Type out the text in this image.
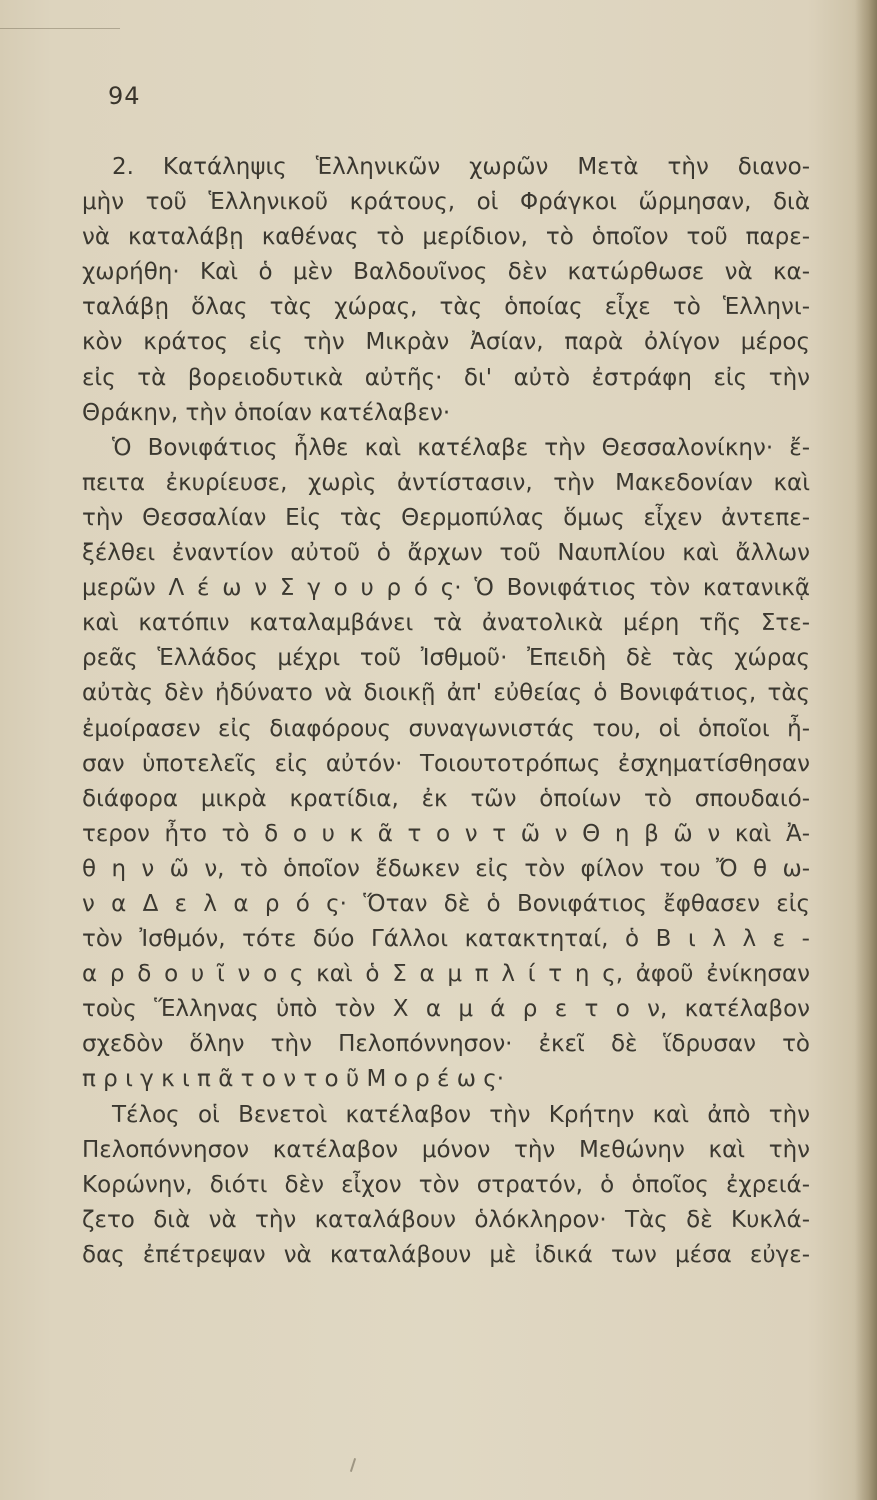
94
2. Κατάληψις Ἑλληνικῶν χωρῶν Μετὰ τὴν διανο-
μὴν τοῦ Ἑλληνικοῦ κράτους, οἱ Φράγκοι ὥρμησαν, διὰ
νὰ καταλάβῃ καθένας τὸ μερίδιον, τὸ ὁποῖον τοῦ παρε-
χωρήθη· Καὶ ὁ μὲν Βαλδουῖνος δὲν κατώρθωσε νὰ κα-
ταλάβῃ ὅλας τὰς χώρας, τὰς ὁποίας εἶχε τὸ Ἑλληνι-
κὸν κράτος εἰς τὴν Μικρὰν Ἀσίαν, παρὰ ὀλίγον μέρος
εἰς τὰ βορειοδυτικὰ αὐτῆς· δι' αὐτὸ ἐστράφη εἰς τὴν
Θράκην, τὴν ὁποίαν κατέλαβεν·
Ὁ Βονιφάτιος ἦλθε καὶ κατέλαβε τὴν Θεσσαλονίκην· ἔ-
πειτα ἐκυρίευσε, χωρὶς ἀντίστασιν, τὴν Μακεδονίαν καὶ
τὴν Θεσσαλίαν Εἰς τὰς Θερμοπύλας ὅμως εἶχεν ἀντεπε-
ξέλθει ἐναντίον αὐτοῦ ὁ ἄρχων τοῦ Ναυπλίου καὶ ἄλλων
μερῶν Λ έ ω ν Σ γ ο υ ρ ό ς· Ὁ Βονιφάτιος τὸν κατανικᾷ
καὶ κατόπιν καταλαμβάνει τὰ ἀνατολικὰ μέρη τῆς Στε-
ρεᾶς Ἑλλάδος μέχρι τοῦ Ἰσθμοῦ· Ἐπειδὴ δὲ τὰς χώρας
αὐτὰς δὲν ἠδύνατο νὰ διοικῇ ἀπ' εὐθείας ὁ Βονιφάτιος, τὰς
ἐμοίρασεν εἰς διαφόρους συναγωνιστάς του, οἱ ὁποῖοι ἦ-
σαν ὑποτελεῖς εἰς αὐτόν· Τοιουτοτρόπως ἐσχηματίσθησαν
διάφορα μικρὰ κρατίδια, ἐκ τῶν ὁποίων τὸ σπουδαιό-
τερον ἦτο τὸ δ ο υ κ ᾶ τ ο ν τ ῶ ν Θ η β ῶ ν καὶ Ἀ-
θ η ν ῶ ν, τὸ ὁποῖον ἔδωκεν εἰς τὸν φίλον του Ὄ θ ω-
ν α Δ ε λ α ρ ό ς· Ὅταν δὲ ὁ Βονιφάτιος ἔφθασεν εἰς
τὸν Ἰσθμόν, τότε δύο Γάλλοι κατακτηταί, ὁ Β ι λ λ ε -
α ρ δ ο υ ῖ ν ο ς καὶ ὁ Σ α μ π λ ί τ η ς, ἀφοῦ ἐνίκησαν
τοὺς Ἕλληνας ὑπὸ τὸν Χ α μ ά ρ ε τ ο ν, κατέλαβον
σχεδὸν ὅλην τὴν Πελοπόννησον· ἐκεῖ δὲ ἵδρυσαν τὸ
π ρ ι γ κ ι π ᾶ τ ο ν τ ο ῦ Μ ο ρ έ ω ς·
Τέλος οἱ Βενετοὶ κατέλαβον τὴν Κρήτην καὶ ἀπὸ τὴν
Πελοπόννησον κατέλαβον μόνον τὴν Μεθώνην καὶ τὴν
Κορώνην, διότι δὲν εἶχον τὸν στρατόν, ὁ ὁποῖος ἐχρειά-
ζετο διὰ νὰ τὴν καταλάβουν ὁλόκληρον· Τὰς δὲ Κυκλά-
δας ἐπέτρεψαν νὰ καταλάβουν μὲ ἰδικά των μέσα εὐγε-
